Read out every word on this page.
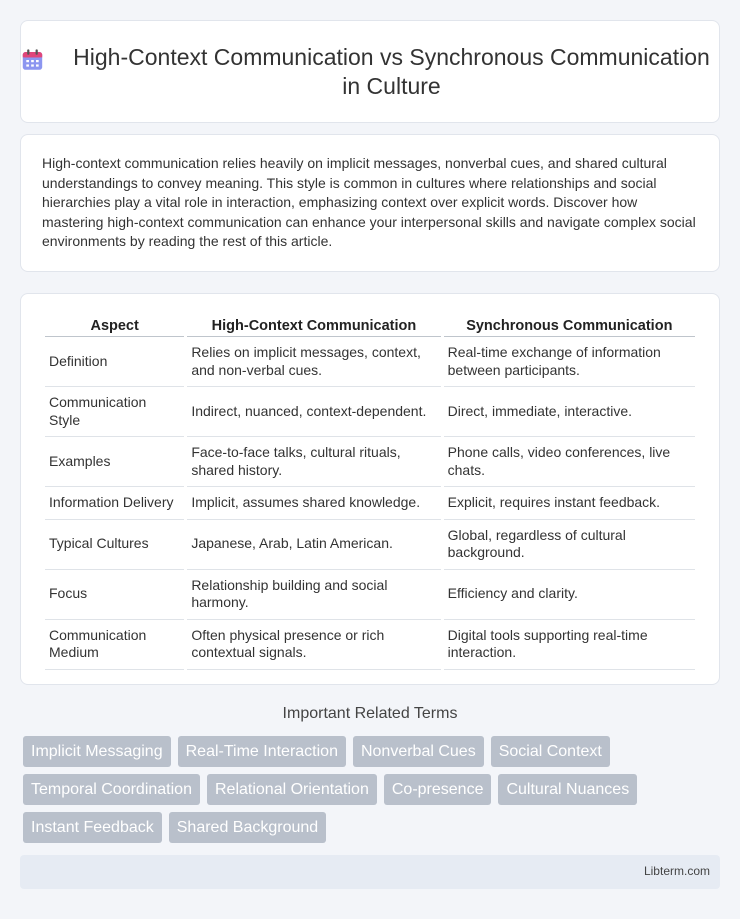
High-Context Communication vs Synchronous Communication in Culture

High-context communication relies heavily on implicit messages, nonverbal cues, and shared cultural understandings to convey meaning. This style is common in cultures where relationships and social hierarchies play a vital role in interaction, emphasizing context over explicit words. Discover how mastering high-context communication can enhance your interpersonal skills and navigate complex social environments by reading the rest of this article.

Aspect	High-Context Communication	Synchronous Communication
Definition	Relies on implicit messages, context, and non-verbal cues.	Real-time exchange of information between participants.
Communication Style	Indirect, nuanced, context-dependent.	Direct, immediate, interactive.
Examples	Face-to-face talks, cultural rituals, shared history.	Phone calls, video conferences, live chats.
Information Delivery	Implicit, assumes shared knowledge.	Explicit, requires instant feedback.
Typical Cultures	Japanese, Arab, Latin American.	Global, regardless of cultural background.
Focus	Relationship building and social harmony.	Efficiency and clarity.
Communication Medium	Often physical presence or rich contextual signals.	Digital tools supporting real-time interaction.
Important Related Terms
Implicit Messaging	Real-Time Interaction	Nonverbal Cues	Social Context
Temporal Coordination	Relational Orientation	Co-presence	Cultural Nuances
Instant Feedback	Shared Background
Libterm.com
